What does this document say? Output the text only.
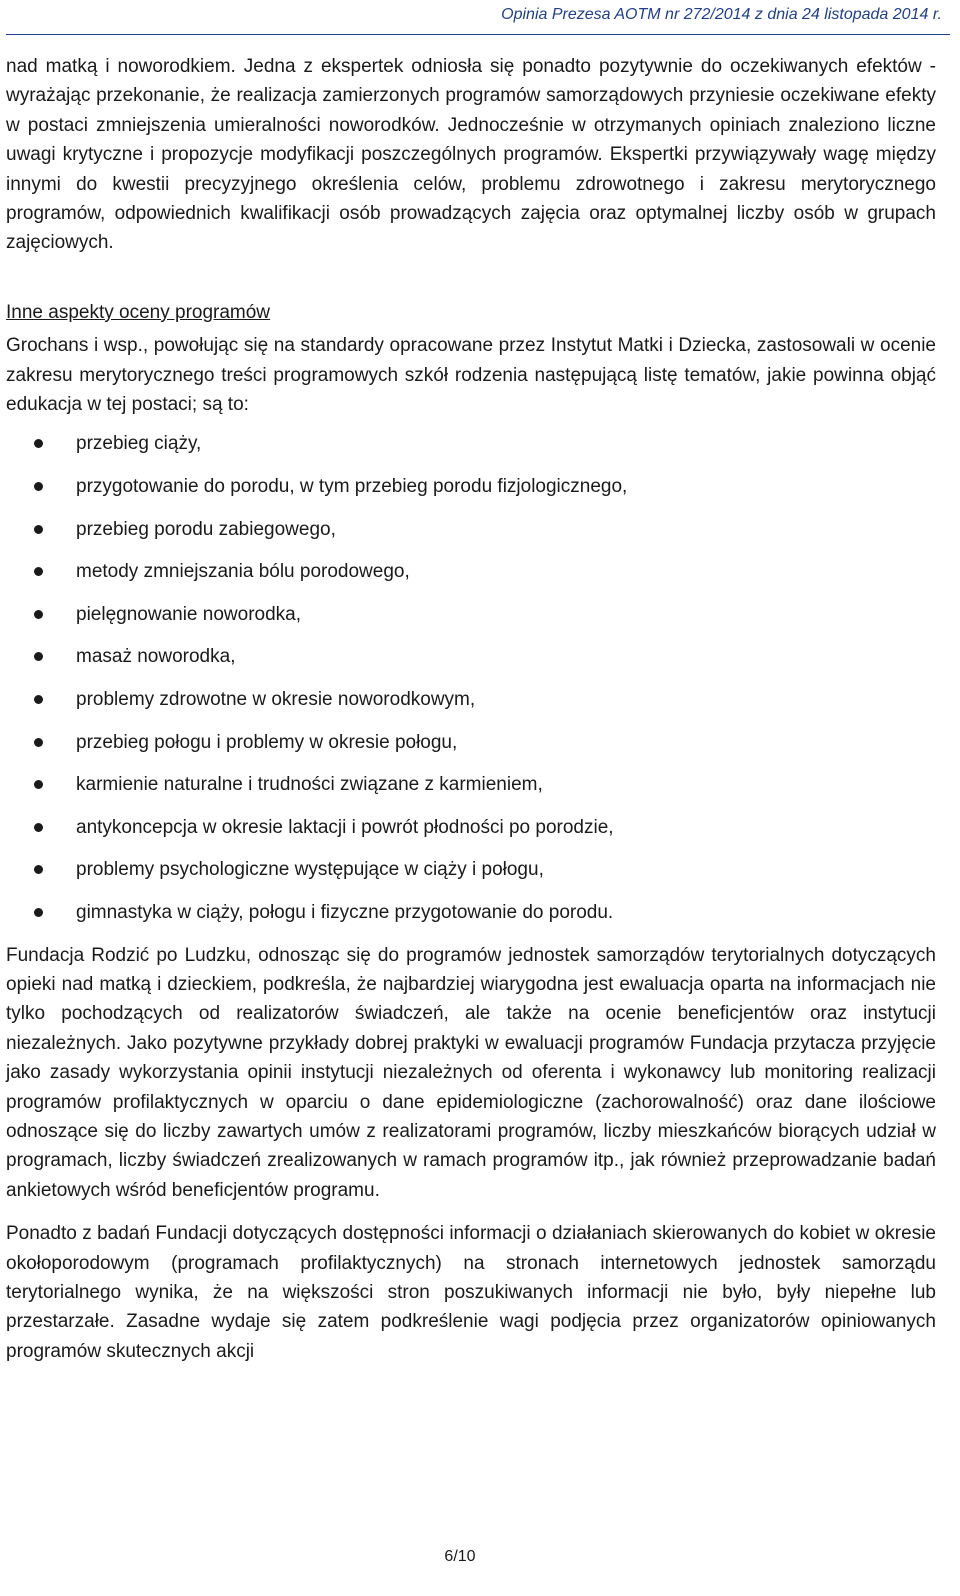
Opinia Prezesa AOTM nr 272/2014 z dnia 24 listopada 2014 r.

nad matką i noworodkiem. Jedna z ekspertek odniosła się ponadto pozytywnie do oczekiwanych efektów - wyrażając przekonanie, że realizacja zamierzonych programów samorządowych przyniesie oczekiwane efekty w postaci zmniejszenia umieralności noworodków. Jednocześnie w otrzymanych opiniach znaleziono liczne uwagi krytyczne i propozycje modyfikacji poszczególnych programów. Ekspertki przywiązywały wagę między innymi do kwestii precyzyjnego określenia celów, problemu zdrowotnego i zakresu merytorycznego programów, odpowiednich kwalifikacji osób prowadzących zajęcia oraz optymalnej liczby osób w grupach zajęciowych.

Inne aspekty oceny programów

Grochans i wsp., powołując się na standardy opracowane przez Instytut Matki i Dziecka, zastosowali w ocenie zakresu merytorycznego treści programowych szkół rodzenia następującą listę tematów, jakie powinna objąć edukacja w tej postaci; są to:

przebieg ciąży,
przygotowanie do porodu, w tym przebieg porodu fizjologicznego,
przebieg porodu zabiegowego,
metody zmniejszania bólu porodowego,
pielęgnowanie noworodka,
masaż noworodka,
problemy zdrowotne w okresie noworodkowym,
przebieg połogu i problemy w okresie połogu,
karmienie naturalne i trudności związane z karmieniem,
antykoncepcja w okresie laktacji i powrót płodności po porodzie,
problemy psychologiczne występujące w ciąży i połogu,
gimnastyka w ciąży, połogu i fizyczne przygotowanie do porodu.

Fundacja Rodzić po Ludzku, odnosząc się do programów jednostek samorządów terytorialnych dotyczących opieki nad matką i dzieckiem, podkreśla, że najbardziej wiarygodna jest ewaluacja oparta na informacjach nie tylko pochodzących od realizatorów świadczeń, ale także na ocenie beneficjentów oraz instytucji niezależnych. Jako pozytywne przykłady dobrej praktyki w ewaluacji programów Fundacja przytacza przyjęcie jako zasady wykorzystania opinii instytucji niezależnych od oferenta i wykonawcy lub monitoring realizacji programów profilaktycznych w oparciu o dane epidemiologiczne (zachorowalność) oraz dane ilościowe odnoszące się do liczby zawartych umów z realizatorami programów, liczby mieszkańców biorących udział w programach, liczby świadczeń zrealizowanych w ramach programów itp., jak również przeprowadzanie badań ankietowych wśród beneficjentów programu.

Ponadto z badań Fundacji dotyczących dostępności informacji o działaniach skierowanych do kobiet w okresie okołoporodowym (programach profilaktycznych) na stronach internetowych jednostek samorządu terytorialnego wynika, że na większości stron poszukiwanych informacji nie było, były niepełne lub przestarzałe. Zasadne wydaje się zatem podkreślenie wagi podjęcia przez organizatorów opiniowanych programów skutecznych akcji

6/10
